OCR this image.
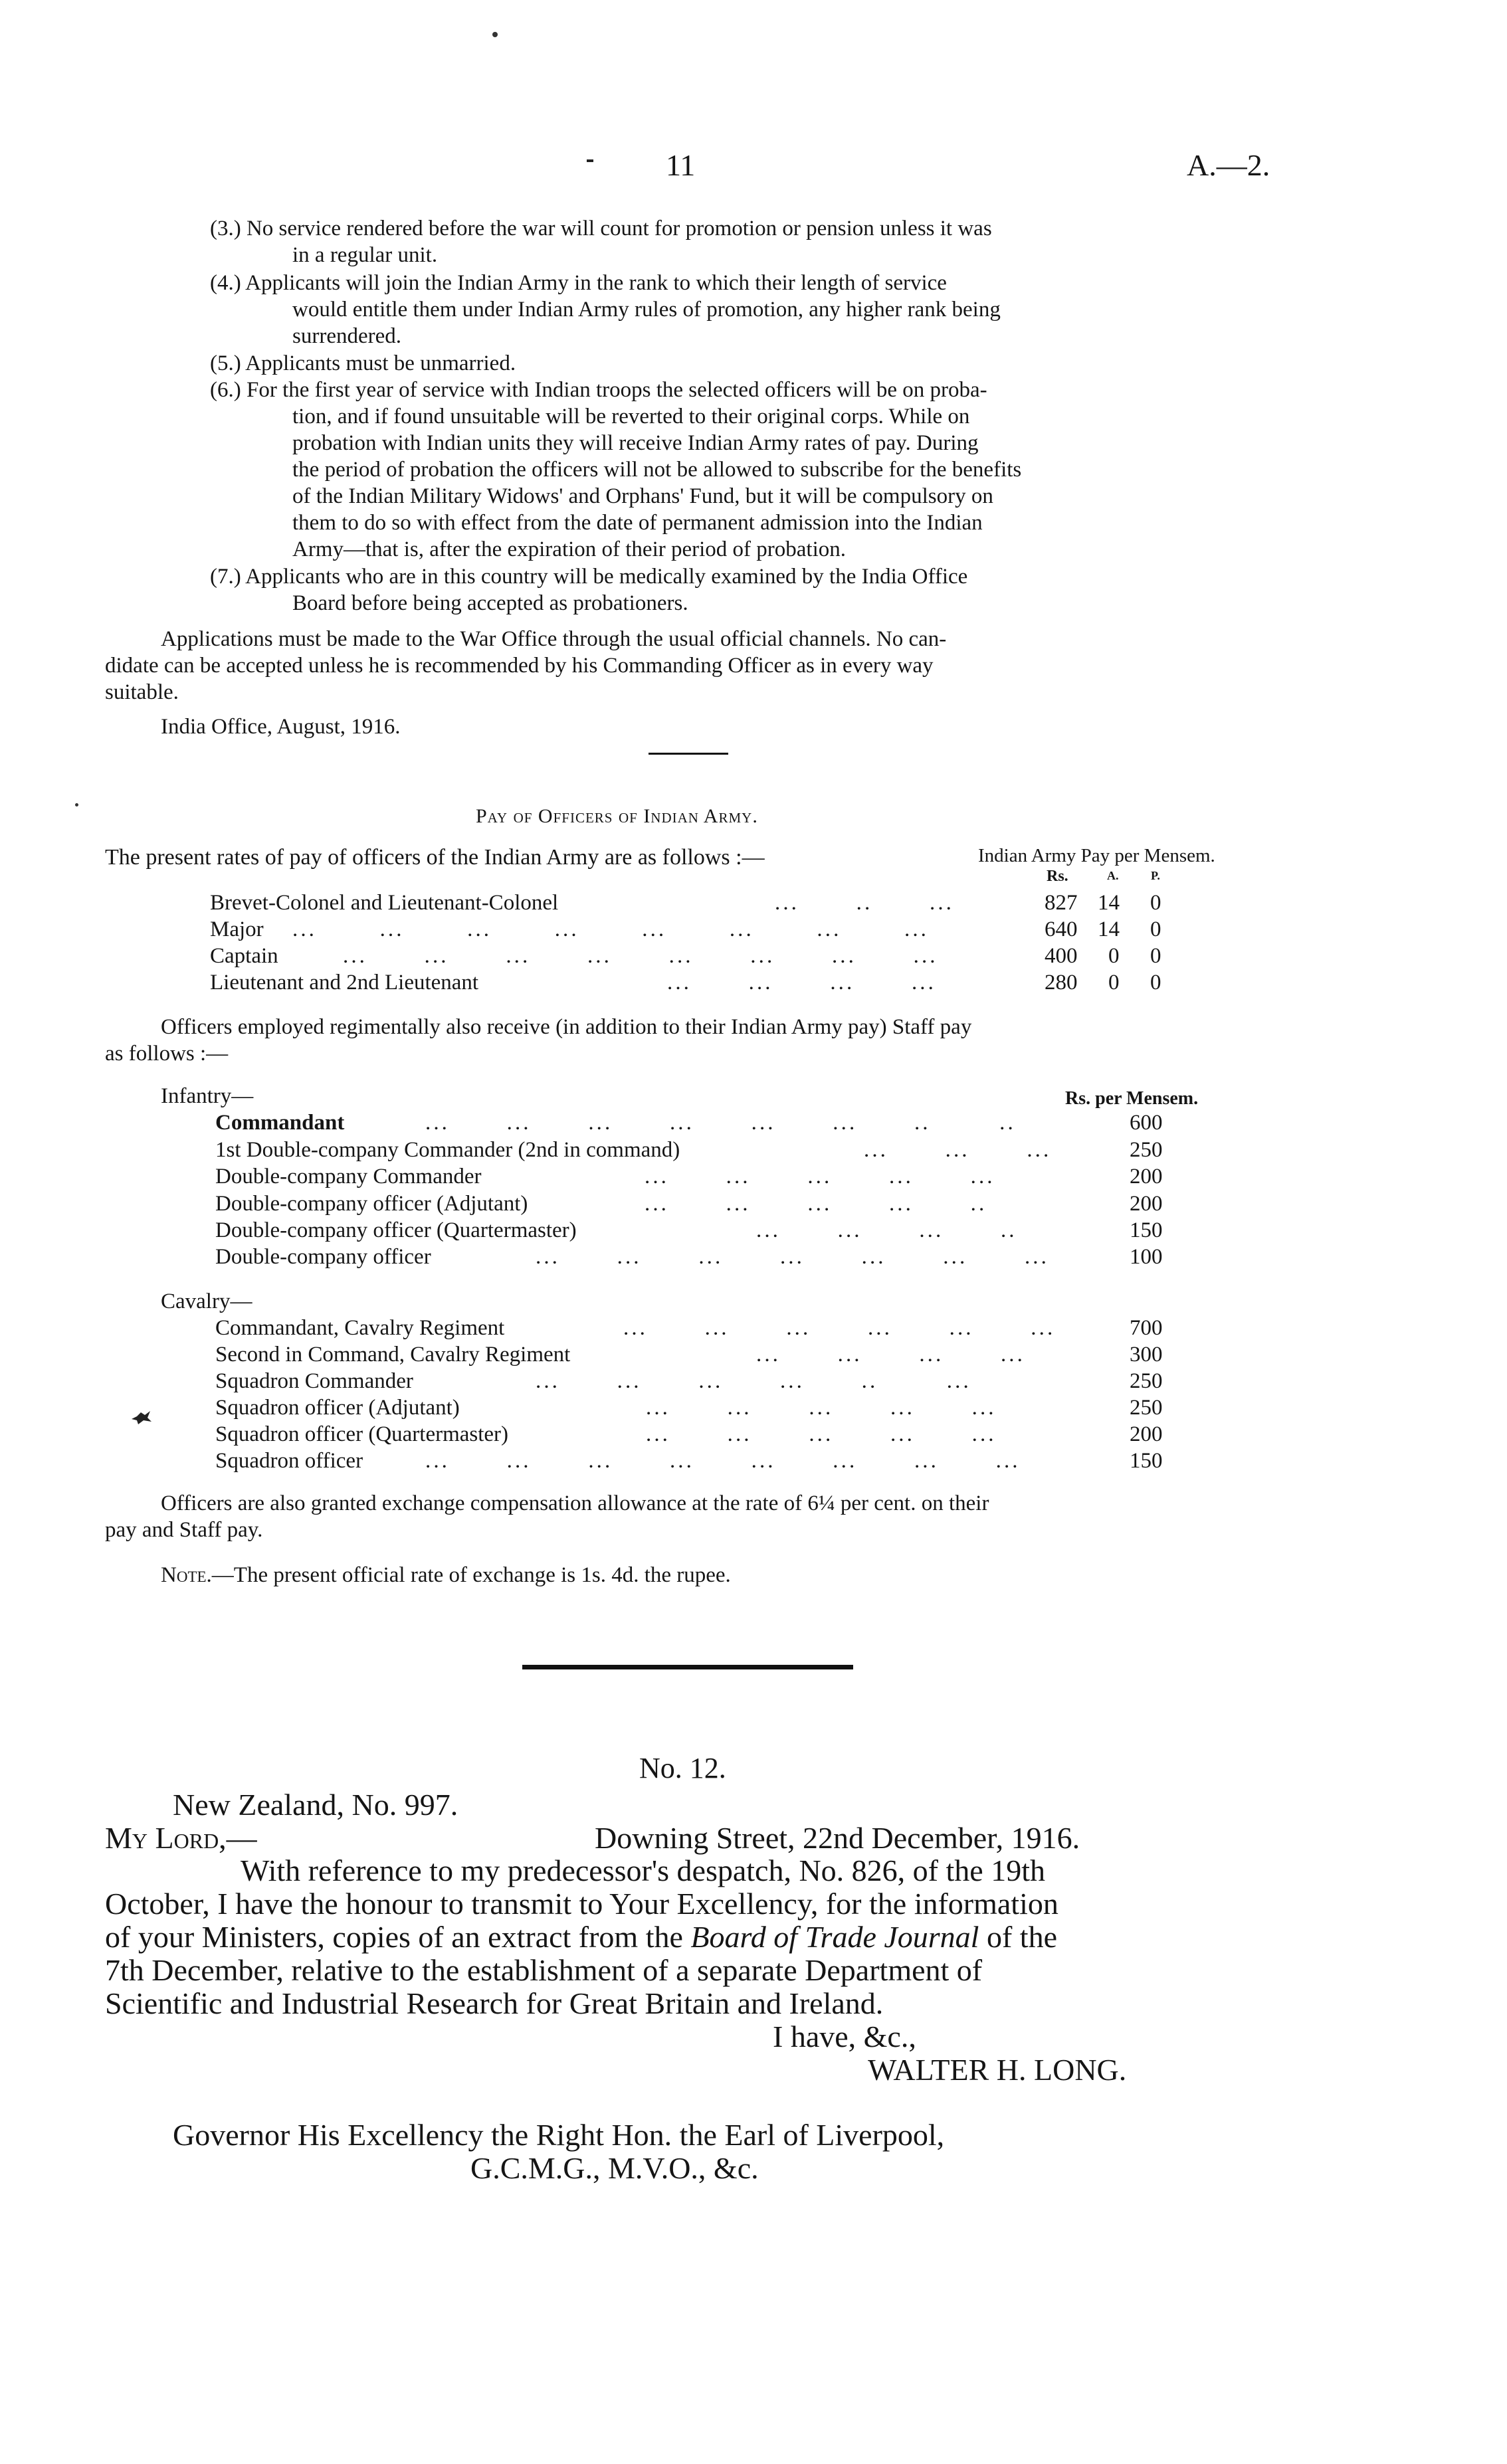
11	A.—2.
(3.) No service rendered before the war will count for promotion or pension unless it was
in a regular unit.
(4.) Applicants will join the Indian Army in the rank to which their length of service
would entitle them under Indian Army rules of promotion, any higher rank being
surrendered.
(5.) Applicants must be unmarried.
(6.) For the first year of service with Indian troops the selected officers will be on proba-
tion, and if found unsuitable will be reverted to their original corps. While on
probation with Indian units they will receive Indian Army rates of pay. During
the period of probation the officers will not be allowed to subscribe for the benefits
of the Indian Military Widows' and Orphans' Fund, but it will be compulsory on
them to do so with effect from the date of permanent admission into the Indian
Army—that is, after the expiration of their period of probation.
(7.) Applicants who are in this country will be medically examined by the India Office
Board before being accepted as probationers.
Applications must be made to the War Office through the usual official channels. No can-
didate can be accepted unless he is recommended by his Commanding Officer as in every way
suitable.
India Office, August, 1916.
Pay of Officers of Indian Army.
The present rates of pay of officers of the Indian Army are as follows :—	Indian Army Pay per Mensem.
Rs.	A.	P.
Brevet-Colonel and Lieutenant-Colonel	. . .          . .          . . .	827 14 0
Major . . .           . . .           . . .           . . .           . . .           . . .           . . .           . . .	640 14 0
Captain	. . .          . . .          . . .          . . .          . . .          . . .          . . .          . . .	400 0 0
Lieutenant and 2nd Lieutenant	. . .          . . .          . . .          . . .	280 0 0
Officers employed regimentally also receive (in addition to their Indian Army pay) Staff pay
as follows :—
Infantry—	Rs. per Mensem.
Commandant	. . .          . . .          . . .          . . .          . . .          . . .          . .            . .	600
1st Double-company Commander (2nd in command)	. . .          . . .          . . .	250
Double-company Commander	. . .          . . .          . . .          . . .          . . .	200
Double-company officer (Adjutant)	. . .          . . .          . . .          . . .          . .	200
Double-company officer (Quartermaster)	. . .          . . .          . . .          . .	150
Double-company officer	. . .          . . .          . . .          . . .          . . .          . . .          . . .	100
Cavalry—
Commandant, Cavalry Regiment	. . .          . . .          . . .          . . .          . . .          . . .	700
Second in Command, Cavalry Regiment	. . .          . . .          . . .          . . .	300
Squadron Commander	. . .          . . .          . . .          . . .          . .            . . .	250
Squadron officer (Adjutant)	. . .          . . .          . . .          . . .          . . .	250
Squadron officer (Quartermaster)	. . .          . . .          . . .          . . .          . . .	200
Squadron officer	. . .          . . .          . . .          . . .          . . .          . . .          . . .          . . .	150
Officers are also granted exchange compensation allowance at the rate of 6¼ per cent. on their
pay and Staff pay.
Note.—The present official rate of exchange is 1s. 4d. the rupee.
No. 12.
New Zealand, No. 997.
My Lord,—	Downing Street, 22nd December, 1916.
With reference to my predecessor's despatch, No. 826, of the 19th
October, I have the honour to transmit to Your Excellency, for the information
of your Ministers, copies of an extract from the Board of Trade Journal of the
7th December, relative to the establishment of a separate Department of
Scientific and Industrial Research for Great Britain and Ireland.
I have, &c.,
WALTER H. LONG.
Governor His Excellency the Right Hon. the Earl of Liverpool,
G.C.M.G., M.V.O., &c.
